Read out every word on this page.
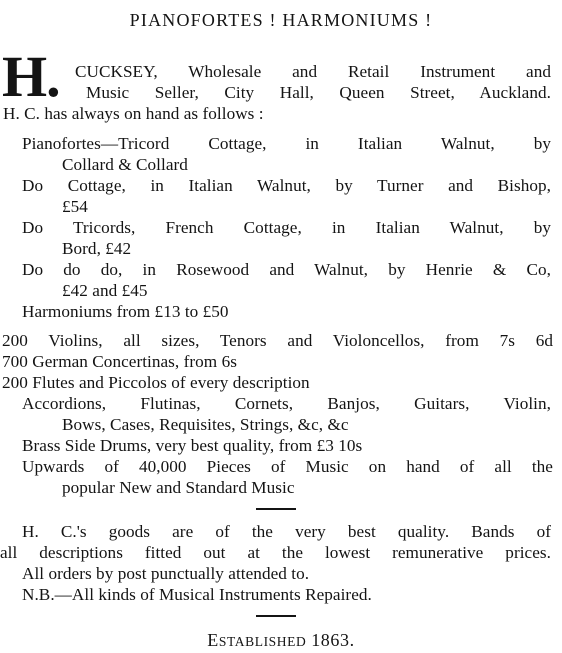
PIANOFORTES ! HARMONIUMS !
H. CUCKSEY, Wholesale and Retail Instrument and
Music Seller, City Hall, Queen Street, Auckland.
H. C. has always on hand as follows :
Pianofortes—Tricord Cottage, in Italian Walnut, by
Collard & Collard
Do Cottage, in Italian Walnut, by Turner and Bishop,
£54
Do Tricords, French Cottage, in Italian Walnut, by
Bord, £42
Do do do, in Rosewood and Walnut, by Henrie & Co,
£42 and £45
Harmoniums from £13 to £50
200 Violins, all sizes, Tenors and Violoncellos, from 7s 6d
700 German Concertinas, from 6s
200 Flutes and Piccolos of every description
Accordions, Flutinas, Cornets, Banjos, Guitars, Violin,
Bows, Cases, Requisites, Strings, &c, &c
Brass Side Drums, very best quality, from £3 10s
Upwards of 40,000 Pieces of Music on hand of all the
popular New and Standard Music
H. C.'s goods are of the very best quality. Bands of
all descriptions fitted out at the lowest remunerative prices.
All orders by post punctually attended to.
N.B.—All kinds of Musical Instruments Repaired.
ESTABLISHED 1863.
